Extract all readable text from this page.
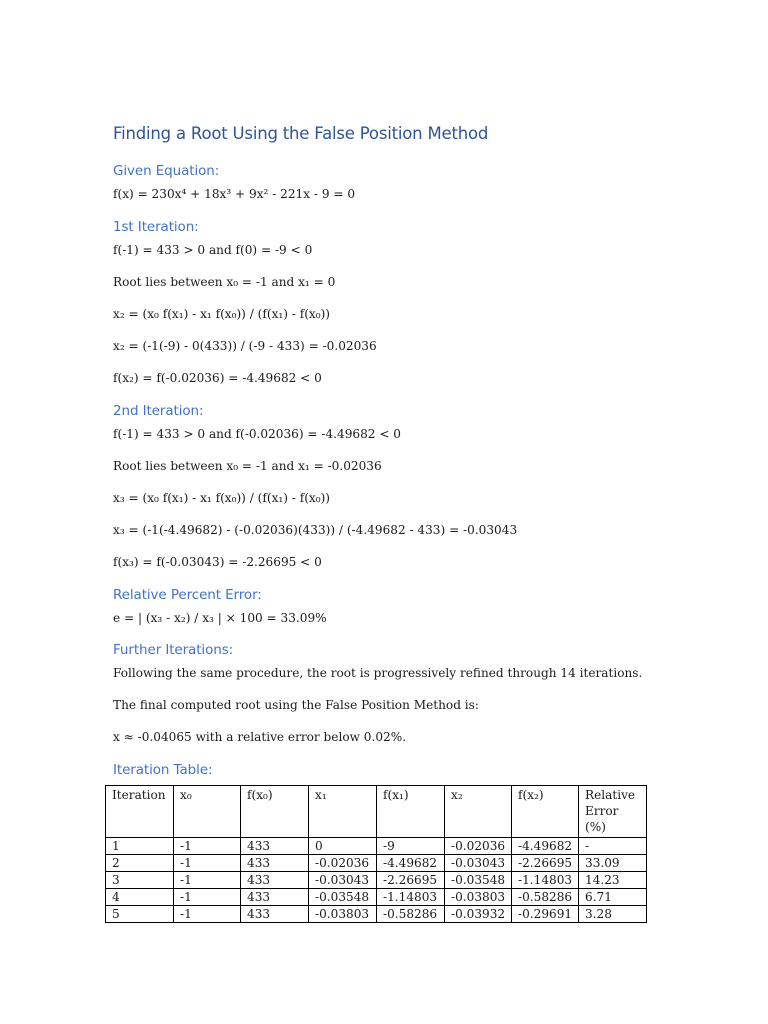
Finding a Root Using the False Position Method
Given Equation:

f(x) = 230x⁴ + 18x³ + 9x² - 221x - 9 = 0

1st Iteration:

f(-1) = 433 > 0 and f(0) = -9 < 0

Root lies between x₀ = -1 and x₁ = 0

x₂ = (x₀ f(x₁) - x₁ f(x₀)) / (f(x₁) - f(x₀))

x₂ = (-1(-9) - 0(433)) / (-9 - 433) = -0.02036

f(x₂) = f(-0.02036) = -4.49682 < 0

2nd Iteration:

f(-1) = 433 > 0 and f(-0.02036) = -4.49682 < 0

Root lies between x₀ = -1 and x₁ = -0.02036

x₃ = (x₀ f(x₁) - x₁ f(x₀)) / (f(x₁) - f(x₀))

x₃ = (-1(-4.49682) - (-0.02036)(433)) / (-4.49682 - 433) = -0.03043

f(x₃) = f(-0.03043) = -2.26695 < 0

Relative Percent Error:

e = | (x₃ - x₂) / x₃ | × 100 = 33.09%

Further Iterations:

Following the same procedure, the root is progressively refined through 14 iterations.

The final computed root using the False Position Method is:

x ≈ -0.04065 with a relative error below 0.02%.

Iteration Table:
Iteration	x₀	f(x₀)	x₁	f(x₁)	x₂	f(x₂)	Relative Error (%)
1	-1	433	0	-9	-0.02036	-4.49682	-
2	-1	433	-0.02036	-4.49682	-0.03043	-2.26695	33.09
3	-1	433	-0.03043	-2.26695	-0.03548	-1.14803	14.23
4	-1	433	-0.03548	-1.14803	-0.03803	-0.58286	6.71
5	-1	433	-0.03803	-0.58286	-0.03932	-0.29691	3.28
